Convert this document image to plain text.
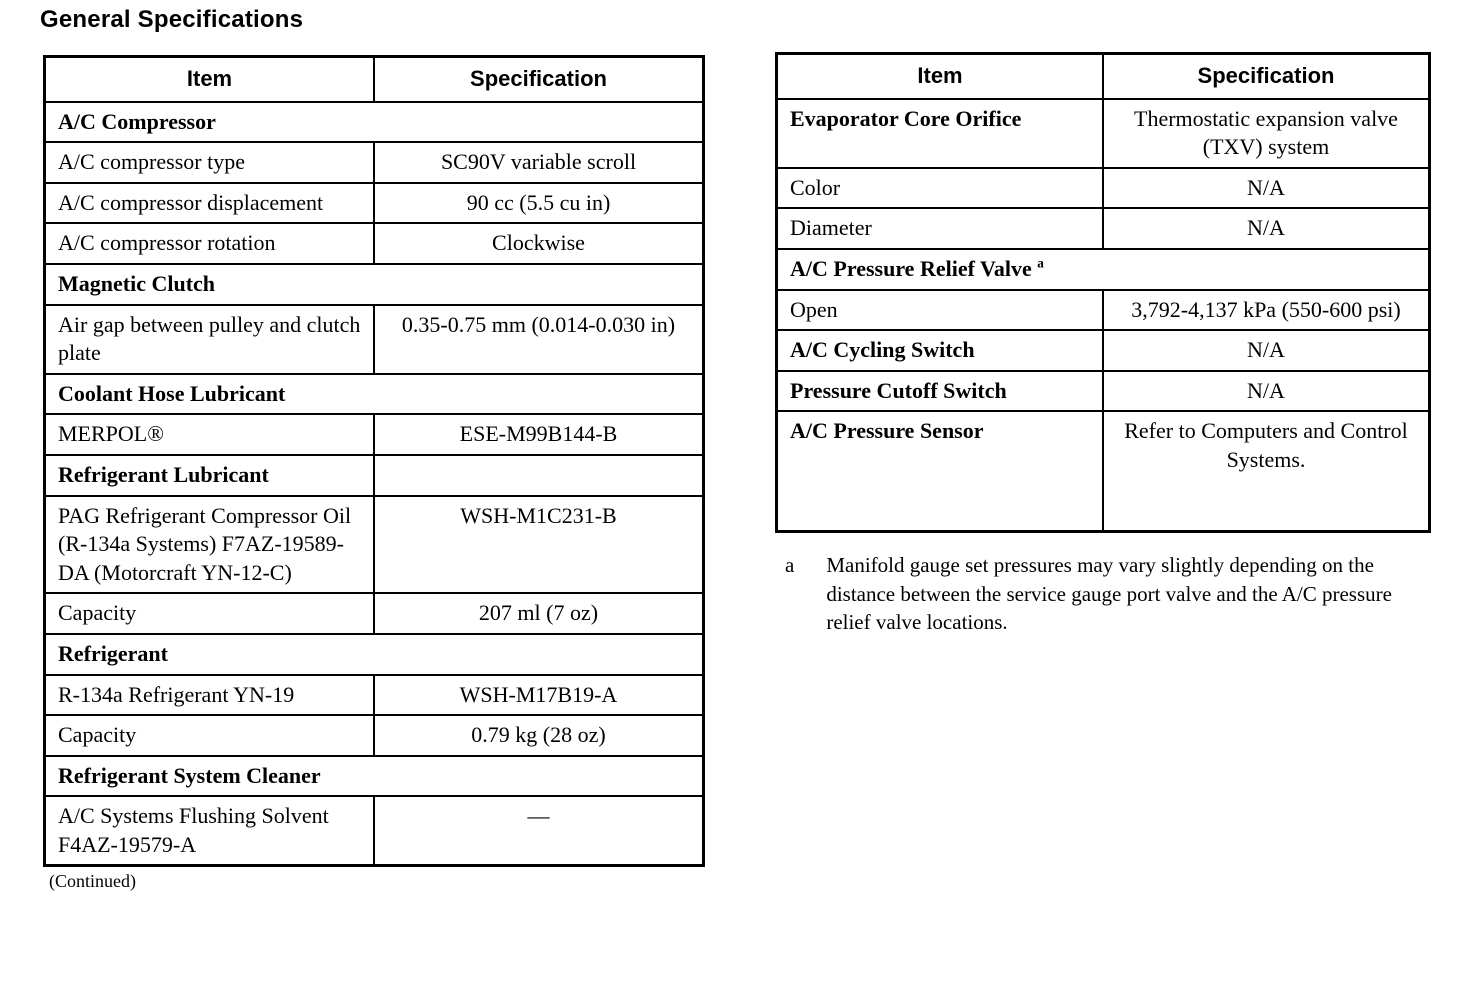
General Specifications
Item	Specification
A/C Compressor	
A/C compressor type	SC90V variable scroll
A/C compressor displacement	90 cc (5.5 cu in)
A/C compressor rotation	Clockwise
Magnetic Clutch	
Air gap between pulley and clutch plate	0.35-0.75 mm (0.014-0.030 in)
Coolant Hose Lubricant	
MERPOL®	ESE-M99B144-B
Refrigerant Lubricant	
PAG Refrigerant Compressor Oil (R-134a Systems) F7AZ-19589-DA (Motorcraft YN-12-C)	WSH-M1C231-B
Capacity	207 ml (7 oz)
Refrigerant	
R-134a Refrigerant YN-19	WSH-M17B19-A
Capacity	0.79 kg (28 oz)
Refrigerant System Cleaner	
A/C Systems Flushing Solvent F4AZ-19579-A	—
(Continued)
Item	Specification
Evaporator Core Orifice	Thermostatic expansion valve (TXV) system
Color	N/A
Diameter	N/A
A/C Pressure Relief Valve $^a$
Open	3,792-4,137 kPa (550-600 psi)
A/C Cycling Switch	N/A
Pressure Cutoff Switch	N/A
A/C Pressure Sensor	Refer to Computers and Control Systems.
a Manifold gauge set pressures may vary slightly depending on the distance between the service gauge port valve and the A/C pressure relief valve locations.
